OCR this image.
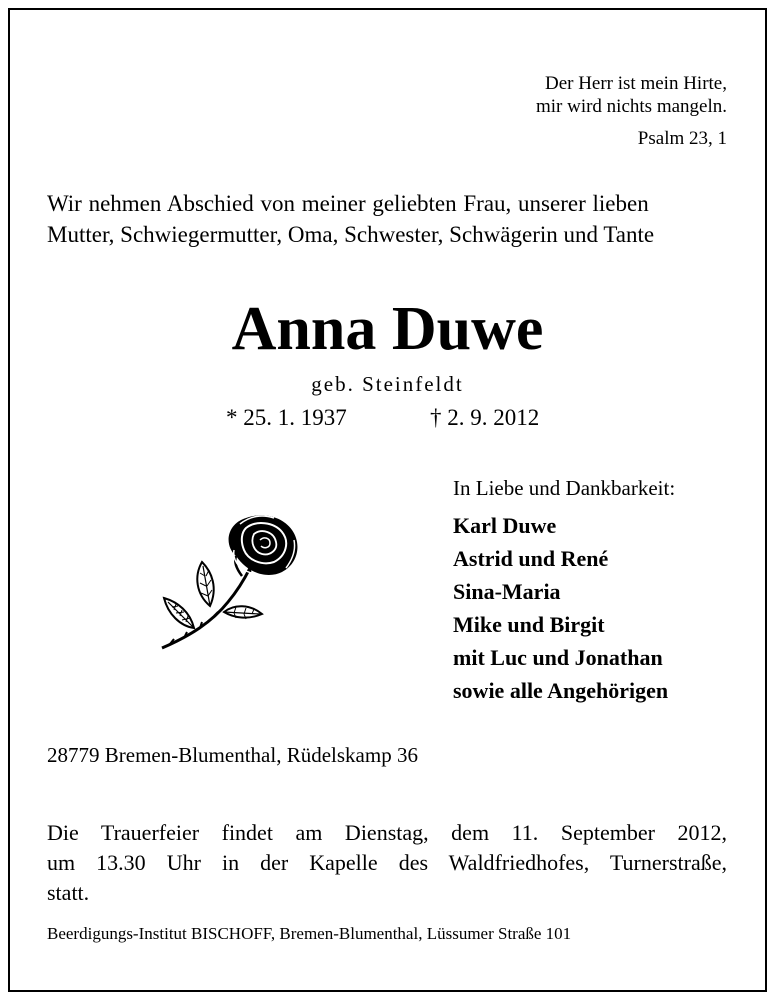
Der Herr ist mein Hirte,
mir wird nichts mangeln.
Psalm 23, 1
Wir nehmen Abschied von meiner geliebten Frau, unserer lieben
Mutter, Schwiegermutter, Oma, Schwester, Schwägerin und Tante
Anna Duwe
geb. Steinfeldt
* 25. 1. 1937	† 2. 9. 2012
In Liebe und Dankbarkeit:
Karl Duwe
Astrid und René
Sina-Maria
Mike und Birgit
mit Luc und Jonathan
sowie alle Angehörigen
28779 Bremen-Blumenthal, Rüdelskamp 36
Die Trauerfeier findet am Dienstag, dem 11. September 2012,
um 13.30 Uhr in der Kapelle des Waldfriedhofes, Turnerstraße,
statt.
Beerdigungs-Institut BISCHOFF, Bremen-Blumenthal, Lüssumer Straße 101
